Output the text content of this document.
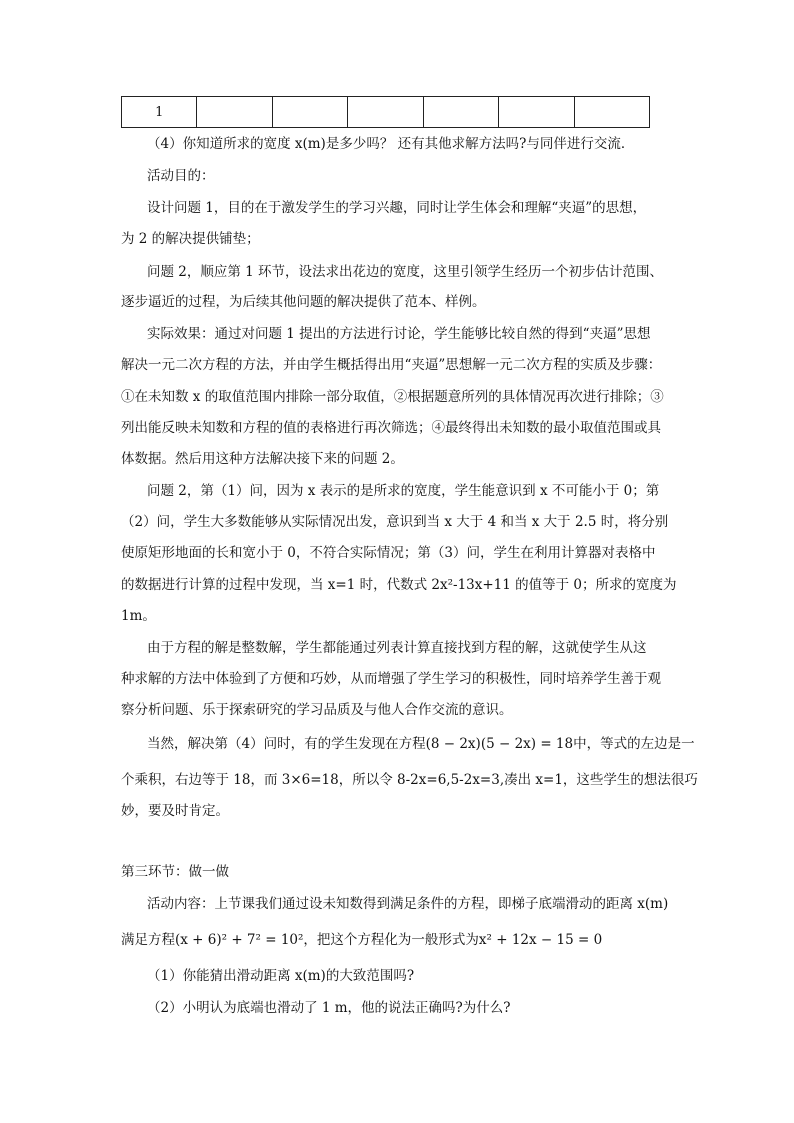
1						
（4）你知道所求的宽度 x(m)是多少吗？ 还有其他求解方法吗?与同伴进行交流．
活动目的：
设计问题 1，目的在于激发学生的学习兴趣，同时让学生体会和理解“夹逼”的思想，
为 2 的解决提供铺垫；
问题 2，顺应第 1 环节，设法求出花边的宽度，这里引领学生经历一个初步估计范围、
逐步逼近的过程，为后续其他问题的解决提供了范本、样例。
实际效果：通过对问题 1 提出的方法进行讨论，学生能够比较自然的得到“夹逼”思想
解决一元二次方程的方法，并由学生概括得出用“夹逼”思想解一元二次方程的实质及步骤：
①在未知数 x 的取值范围内排除一部分取值，②根据题意所列的具体情况再次进行排除；③
列出能反映未知数和方程的值的表格进行再次筛选；④最终得出未知数的最小取值范围或具
体数据。然后用这种方法解决接下来的问题 2。
问题 2，第（1）问，因为 x 表示的是所求的宽度，学生能意识到 x 不可能小于 0；第
（2）问，学生大多数能够从实际情况出发，意识到当 x 大于 4 和当 x 大于 2.5 时，将分别
使原矩形地面的长和宽小于 0，不符合实际情况；第（3）问，学生在利用计算器对表格中
的数据进行计算的过程中发现，当 x=1 时，代数式 2x²-13x+11 的值等于 0；所求的宽度为
1m。
由于方程的解是整数解，学生都能通过列表计算直接找到方程的解，这就使学生从这
种求解的方法中体验到了方便和巧妙，从而增强了学生学习的积极性，同时培养学生善于观
察分析问题、乐于探索研究的学习品质及与他人合作交流的意识。
当然，解决第（4）问时，有的学生发现在方程(8 − 2x)(5 − 2x) = 18中，等式的左边是一
个乘积，右边等于 18，而 3×6=18，所以令 8-2x=6,5-2x=3,凑出 x=1，这些学生的想法很巧
妙，要及时肯定。
第三环节：做一做
活动内容：上节课我们通过设未知数得到满足条件的方程，即梯子底端滑动的距离 x(m)
满足方程(x + 6)² + 7² = 10²，把这个方程化为一般形式为x² + 12x − 15 = 0
（1）你能猜出滑动距离 x(m)的大致范围吗?
（2）小明认为底端也滑动了 1 m，他的说法正确吗?为什么?
